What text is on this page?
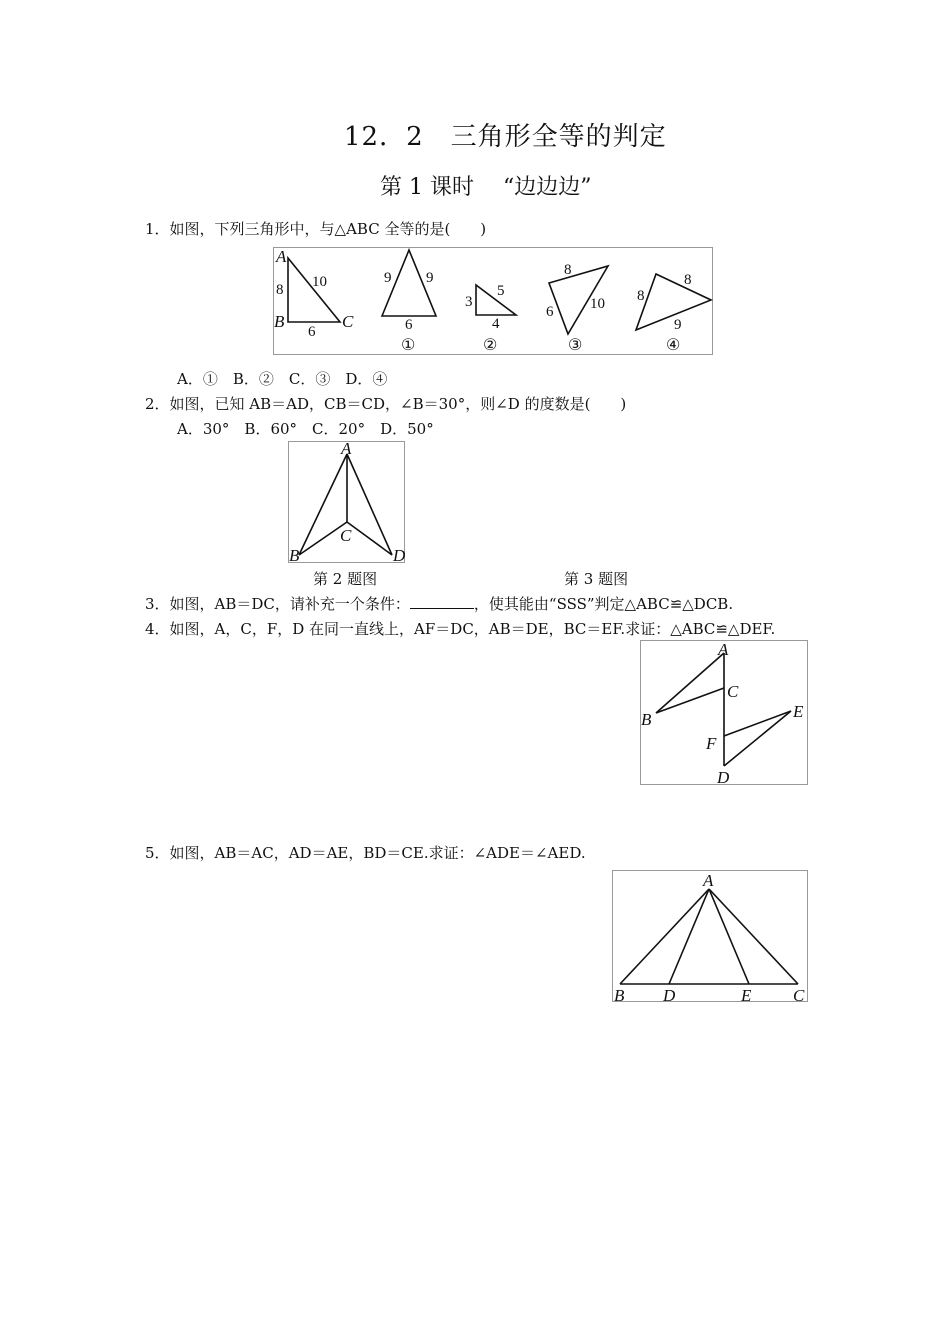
12．2　三角形全等的判定
第 1 课时　 “边边边”
1．如图，下列三角形中，与△ABC 全等的是(　　)
A
B	C
8 10
6
9 9
6
①
3
5
4
②
8
6 10
③
8
8
9
④
A．①　B．②　C．③　D．④
2．如图，已知 AB＝AD，CB＝CD，∠B＝30°，则∠D 的度数是(　　)
A．30°　B．60°　C．20°　D．50°
A
B
C
D
第 2 题图	第 3 题图
3．如图，AB＝DC，请补充一个条件：	，使其能由“SSS”判定△ABC≌△DCB.
4．如图，A，C，F，D 在同一直线上，AF＝DC，AB＝DE，BC＝EF.求证：△ABC≌△DEF.
A
B
C
D
E
F
5．如图，AB＝AC，AD＝AE，BD＝CE.求证：∠ADE＝∠AED.
A
B D	E C
